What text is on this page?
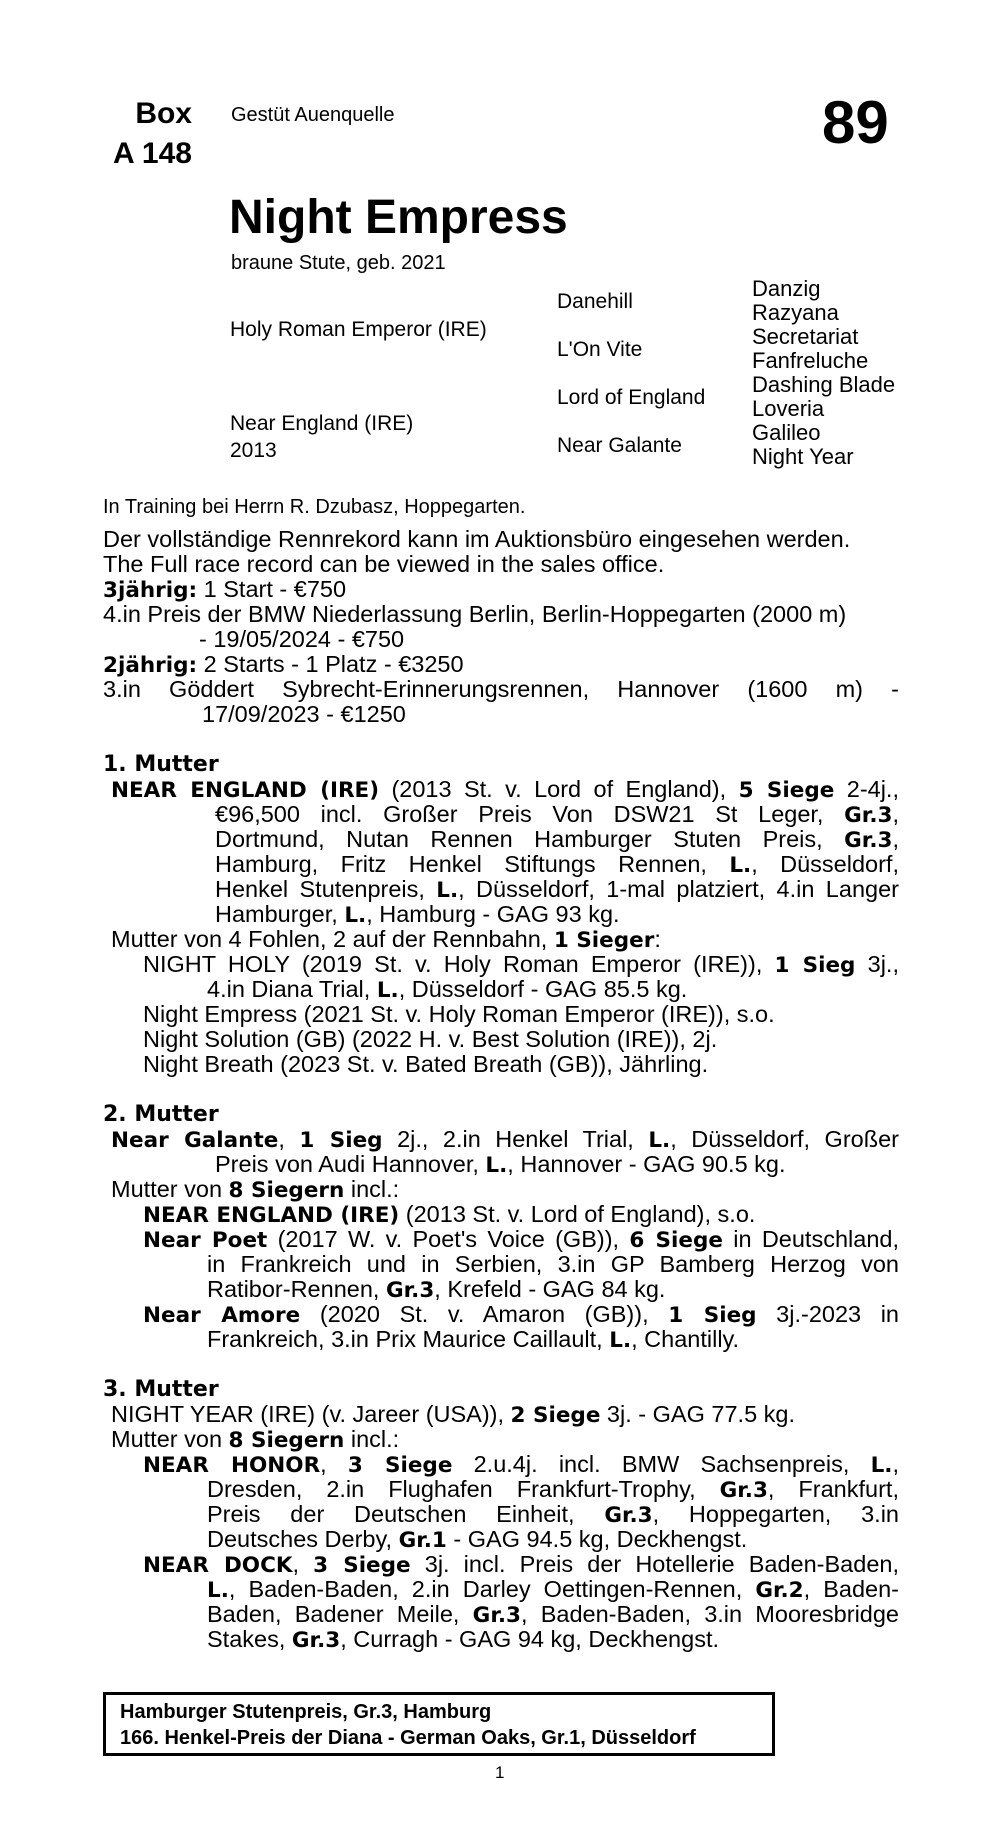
Box
A 148
Gestüt Auenquelle	89
Night Empress
braune Stute, geb. 2021
Holy Roman Emperor (IRE)
Near England (IRE)
2013
Danehill
L'On Vite
Lord of England
Near Galante
Danzig
Razyana
Secretariat
Fanfreluche
Dashing Blade
Loveria
Galileo
Night Year
In Training bei Herrn R. Dzubasz, Hoppegarten.
Der vollständige Rennrekord kann im Auktionsbüro eingesehen werden.
The Full race record can be viewed in the sales office.
3jährig: 1 Start - €750
4.in Preis der BMW Niederlassung Berlin, Berlin-Hoppegarten (2000 m)
- 19/05/2024 - €750
2jährig: 2 Starts - 1 Platz - €3250
3.in Göddert Sybrecht-Erinnerungsrennen, Hannover (1600 m) -
17/09/2023 - €1250
1. Mutter
NEAR ENGLAND (IRE) (2013 St. v. Lord of England), 5 Siege 2-4j.,
€96,500 incl. Großer Preis Von DSW21 St Leger, Gr.3,
Dortmund, Nutan Rennen Hamburger Stuten Preis, Gr.3,
Hamburg, Fritz Henkel Stiftungs Rennen, L., Düsseldorf,
Henkel Stutenpreis, L., Düsseldorf, 1-mal platziert, 4.in Langer
Hamburger, L., Hamburg - GAG 93 kg.
Mutter von 4 Fohlen, 2 auf der Rennbahn, 1 Sieger:
NIGHT HOLY (2019 St. v. Holy Roman Emperor (IRE)), 1 Sieg 3j.,
4.in Diana Trial, L., Düsseldorf - GAG 85.5 kg.
Night Empress (2021 St. v. Holy Roman Emperor (IRE)), s.o.
Night Solution (GB) (2022 H. v. Best Solution (IRE)), 2j.
Night Breath (2023 St. v. Bated Breath (GB)), Jährling.
2. Mutter
Near Galante, 1 Sieg 2j., 2.in Henkel Trial, L., Düsseldorf, Großer
Preis von Audi Hannover, L., Hannover - GAG 90.5 kg.
Mutter von 8 Siegern incl.:
NEAR ENGLAND (IRE) (2013 St. v. Lord of England), s.o.
Near Poet (2017 W. v. Poet's Voice (GB)), 6 Siege in Deutschland,
in Frankreich und in Serbien, 3.in GP Bamberg Herzog von
Ratibor-Rennen, Gr.3, Krefeld - GAG 84 kg.
Near Amore (2020 St. v. Amaron (GB)), 1 Sieg 3j.-2023 in
Frankreich, 3.in Prix Maurice Caillault, L., Chantilly.
3. Mutter
NIGHT YEAR (IRE) (v. Jareer (USA)), 2 Siege 3j. - GAG 77.5 kg.
Mutter von 8 Siegern incl.:
NEAR HONOR, 3 Siege 2.u.4j. incl. BMW Sachsenpreis, L.,
Dresden, 2.in Flughafen Frankfurt-Trophy, Gr.3, Frankfurt,
Preis der Deutschen Einheit, Gr.3, Hoppegarten, 3.in
Deutsches Derby, Gr.1 - GAG 94.5 kg, Deckhengst.
NEAR DOCK, 3 Siege 3j. incl. Preis der Hotellerie Baden-Baden,
L., Baden-Baden, 2.in Darley Oettingen-Rennen, Gr.2, Baden-
Baden, Badener Meile, Gr.3, Baden-Baden, 3.in Mooresbridge
Stakes, Gr.3, Curragh - GAG 94 kg, Deckhengst.
Hamburger Stutenpreis, Gr.3, Hamburg
166. Henkel-Preis der Diana - German Oaks, Gr.1, Düsseldorf
1
